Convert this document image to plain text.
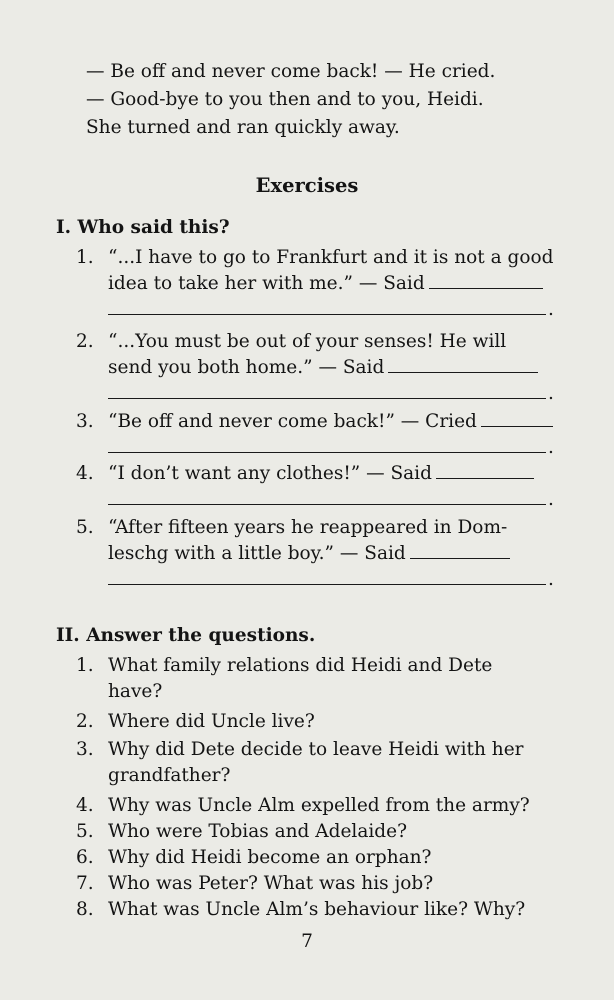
— Be off and never come back! — He cried.
— Good-bye to you then and to you, Heidi.
She turned and ran quickly away.
Exercises
I. Who said this?
1. “...I have to go to Frankfurt and it is not a good
idea to take her with me.” — Said
.
2. “...You must be out of your senses! He will
send you both home.” — Said
.
3. “Be off and never come back!” — Cried
.
4. “I don’t want any clothes!” — Said
.
5. “After fifteen years he reappeared in Dom-
leschg with a little boy.” — Said
.
II. Answer the questions.
1. What family relations did Heidi and Dete
have?
2. Where did Uncle live?
3. Why did Dete decide to leave Heidi with her
grandfather?
4. Why was Uncle Alm expelled from the army?
5. Who were Tobias and Adelaide?
6. Why did Heidi become an orphan?
7. Who was Peter? What was his job?
8. What was Uncle Alm’s behaviour like? Why?
7
